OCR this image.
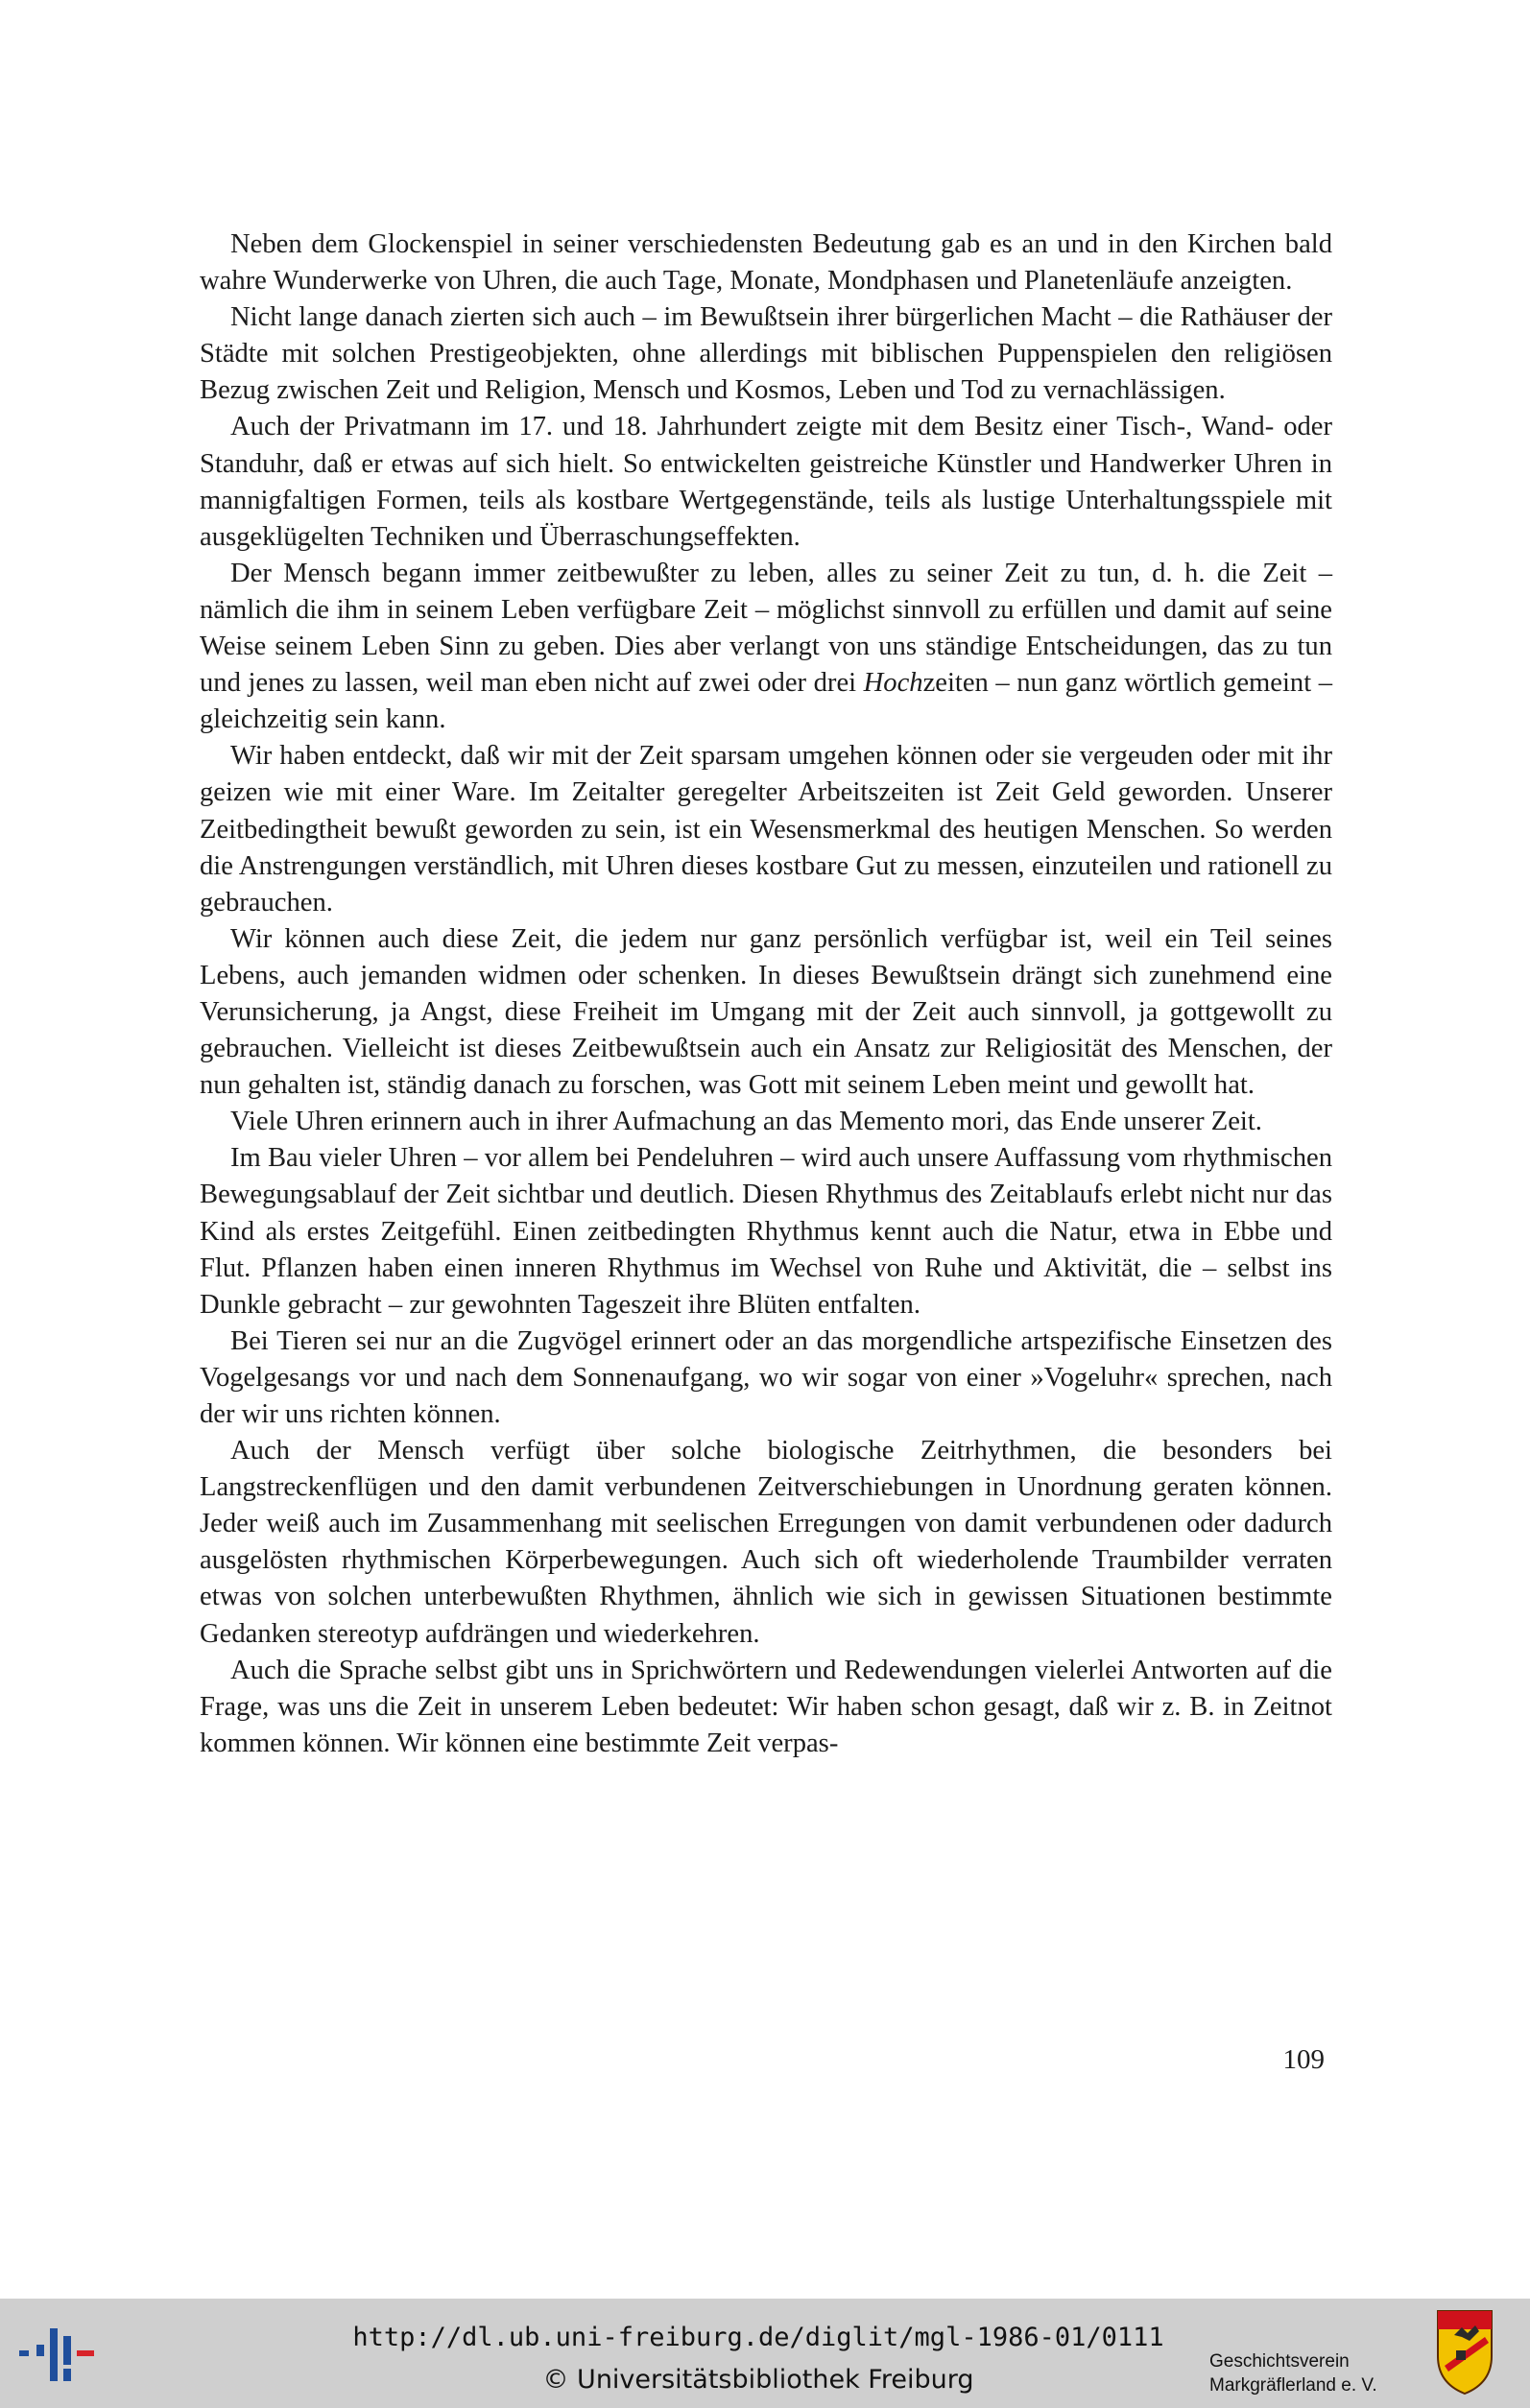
Neben dem Glockenspiel in seiner verschiedensten Bedeutung gab es an und in den Kirchen bald wahre Wunderwerke von Uhren, die auch Tage, Monate, Mondphasen und Planetenläufe anzeigten.

Nicht lange danach zierten sich auch – im Bewußtsein ihrer bürgerlichen Macht – die Rathäuser der Städte mit solchen Prestigeobjekten, ohne allerdings mit biblischen Puppenspielen den religiösen Bezug zwischen Zeit und Religion, Mensch und Kosmos, Leben und Tod zu vernachlässigen.

Auch der Privatmann im 17. und 18. Jahrhundert zeigte mit dem Besitz einer Tisch-, Wand- oder Standuhr, daß er etwas auf sich hielt. So entwickelten geistreiche Künstler und Handwerker Uhren in mannigfaltigen Formen, teils als kostbare Wertgegenstände, teils als lustige Unterhaltungsspiele mit ausgeklügelten Techniken und Überraschungseffekten.

Der Mensch begann immer zeitbewußter zu leben, alles zu seiner Zeit zu tun, d. h. die Zeit – nämlich die ihm in seinem Leben verfügbare Zeit – möglichst sinnvoll zu erfüllen und damit auf seine Weise seinem Leben Sinn zu geben. Dies aber verlangt von uns ständige Entscheidungen, das zu tun und jenes zu lassen, weil man eben nicht auf zwei oder drei Hochzeiten – nun ganz wörtlich gemeint – gleichzeitig sein kann.

Wir haben entdeckt, daß wir mit der Zeit sparsam umgehen können oder sie vergeuden oder mit ihr geizen wie mit einer Ware. Im Zeitalter geregelter Arbeitszeiten ist Zeit Geld geworden. Unserer Zeitbedingtheit bewußt geworden zu sein, ist ein Wesensmerkmal des heutigen Menschen. So werden die Anstrengungen verständlich, mit Uhren dieses kostbare Gut zu messen, einzuteilen und rationell zu gebrauchen.

Wir können auch diese Zeit, die jedem nur ganz persönlich verfügbar ist, weil ein Teil seines Lebens, auch jemanden widmen oder schenken. In dieses Bewußtsein drängt sich zunehmend eine Verunsicherung, ja Angst, diese Freiheit im Umgang mit der Zeit auch sinnvoll, ja gottgewollt zu gebrauchen. Vielleicht ist dieses Zeitbewußtsein auch ein Ansatz zur Religiosität des Menschen, der nun gehalten ist, ständig danach zu forschen, was Gott mit seinem Leben meint und gewollt hat.

Viele Uhren erinnern auch in ihrer Aufmachung an das Memento mori, das Ende unserer Zeit.

Im Bau vieler Uhren – vor allem bei Pendeluhren – wird auch unsere Auffassung vom rhythmischen Bewegungsablauf der Zeit sichtbar und deutlich. Diesen Rhythmus des Zeitablaufs erlebt nicht nur das Kind als erstes Zeitgefühl. Einen zeitbedingten Rhythmus kennt auch die Natur, etwa in Ebbe und Flut. Pflanzen haben einen inneren Rhythmus im Wechsel von Ruhe und Aktivität, die – selbst ins Dunkle gebracht – zur gewohnten Tageszeit ihre Blüten entfalten.

Bei Tieren sei nur an die Zugvögel erinnert oder an das morgendliche artspezifische Einsetzen des Vogelgesangs vor und nach dem Sonnenaufgang, wo wir sogar von einer »Vogeluhr« sprechen, nach der wir uns richten können.

Auch der Mensch verfügt über solche biologische Zeitrhythmen, die besonders bei Langstreckenflügen und den damit verbundenen Zeitverschiebungen in Unordnung geraten können. Jeder weiß auch im Zusammenhang mit seelischen Erregungen von damit verbundenen oder dadurch ausgelösten rhythmischen Körperbewegungen. Auch sich oft wiederholende Traumbilder verraten etwas von solchen unterbewußten Rhythmen, ähnlich wie sich in gewissen Situationen bestimmte Gedanken stereotyp aufdrängen und wiederkehren.

Auch die Sprache selbst gibt uns in Sprichwörtern und Redewendungen vielerlei Antworten auf die Frage, was uns die Zeit in unserem Leben bedeutet: Wir haben schon gesagt, daß wir z. B. in Zeitnot kommen können. Wir können eine bestimmte Zeit verpas-

109
http://dl.ub.uni-freiburg.de/diglit/mgl-1986-01/0111
© Universitätsbibliothek Freiburg
Geschichtsverein
Markgräflerland e. V.
